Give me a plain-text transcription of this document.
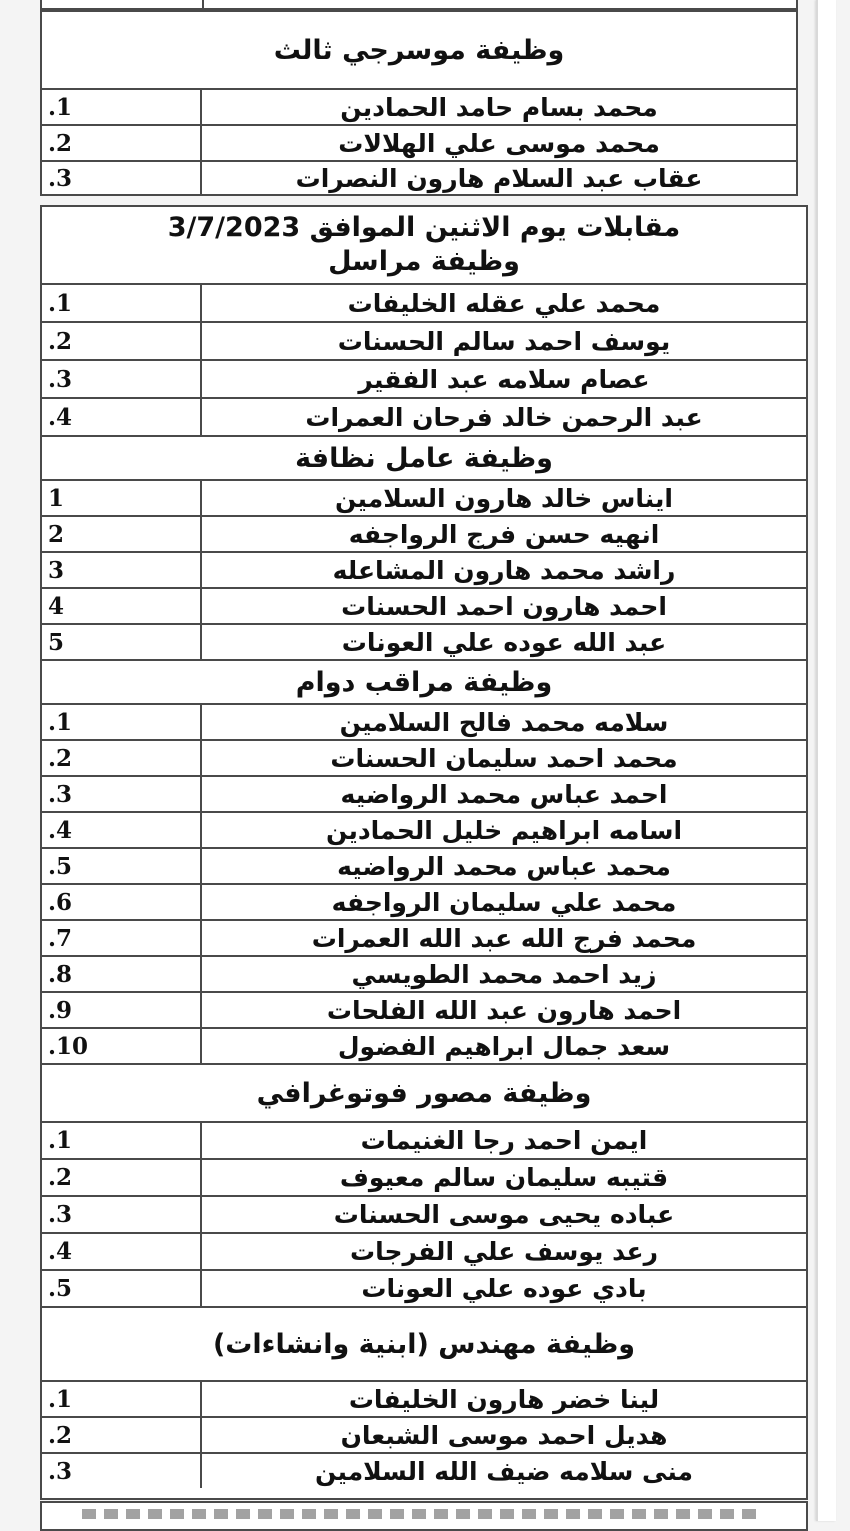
وظيفة موسرجي ثالث
محمد بسام حامد الحمادين
.1
محمد موسى علي الهلالات
.2
عقاب عبد السلام هارون النصرات
.3
مقابلات يوم الاثنين الموافق 3/7/2023
وظيفة مراسل
محمد علي عقله الخليفات
.1
يوسف احمد سالم الحسنات
.2
عصام سلامه عبد الفقير
.3
عبد الرحمن خالد فرحان العمرات
.4
وظيفة عامل نظافة
ايناس خالد هارون السلامين
1
انهيه حسن فرج الرواجفه
2
راشد محمد هارون المشاعله
3
احمد هارون احمد الحسنات
4
عبد الله عوده علي العونات
5
وظيفة مراقب دوام
سلامه محمد فالح السلامين
.1
محمد احمد سليمان الحسنات
.2
احمد عباس محمد الرواضيه
.3
اسامه ابراهيم خليل الحمادين
.4
محمد عباس محمد الرواضيه
.5
محمد علي سليمان الرواجفه
.6
محمد فرج الله عبد الله العمرات
.7
زيد احمد محمد الطويسي
.8
احمد هارون عبد الله الفلحات
.9
سعد جمال ابراهيم الفضول
.10
وظيفة مصور فوتوغرافي
ايمن احمد رجا الغنيمات
.1
قتيبه سليمان سالم معيوف
.2
عباده يحيى موسى الحسنات
.3
رعد يوسف علي الفرجات
.4
بادي عوده علي العونات
.5
وظيفة مهندس (ابنية وانشاءات)
لينا خضر هارون الخليفات
.1
هديل احمد موسى الشبعان
.2
منى سلامه ضيف الله السلامين
.3
